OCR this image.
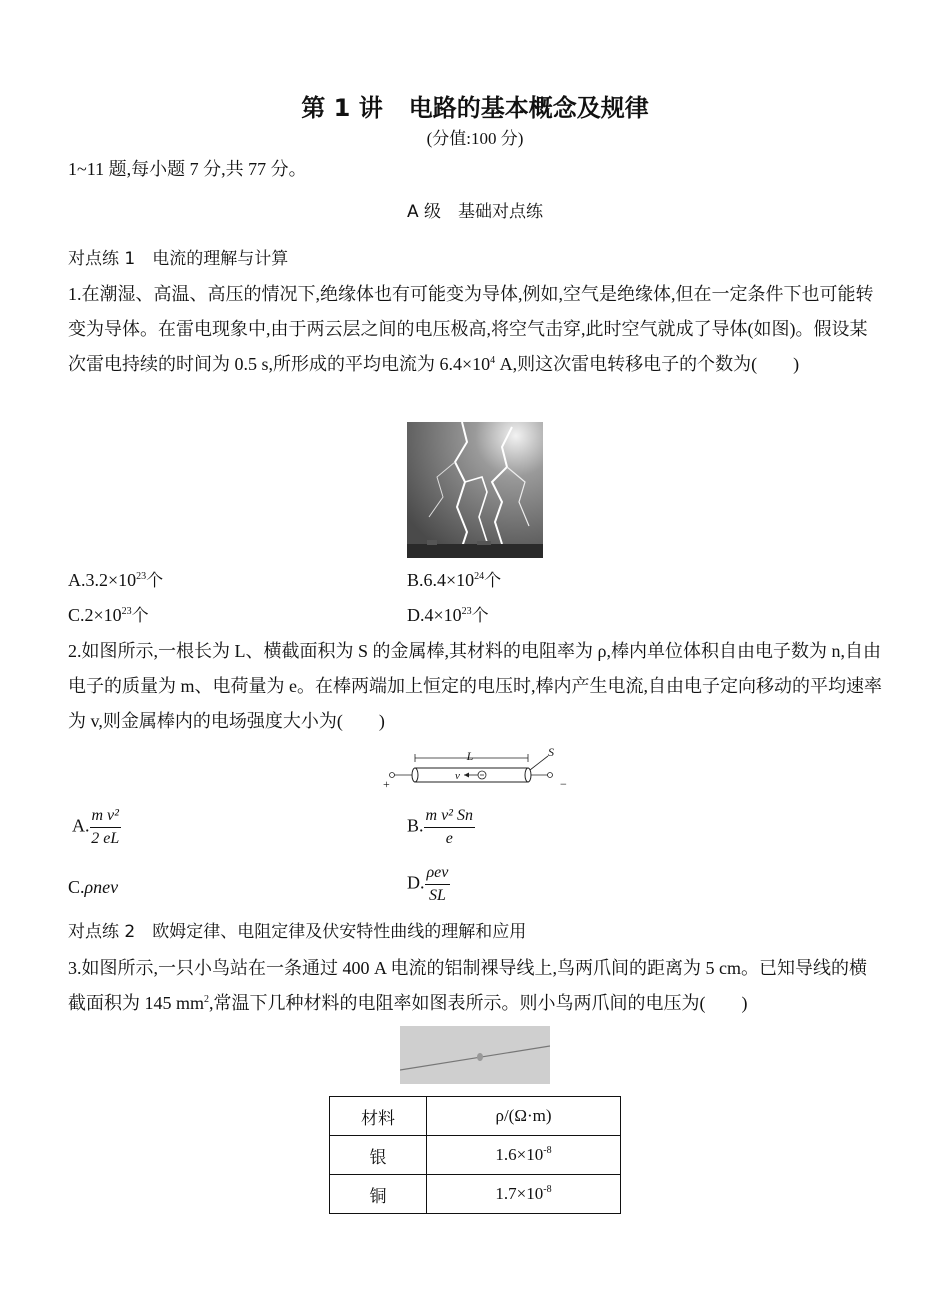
第 1 讲 电路的基本概念及规律
(分值:100 分)
1~11 题,每小题 7 分,共 77 分。
A 级　基础对点练
对点练 1　电流的理解与计算
1.在潮湿、高温、高压的情况下,绝缘体也有可能变为导体,例如,空气是绝缘体,但在一定条件下也可能转变为导体。在雷电现象中,由于两云层之间的电压极高,将空气击穿,此时空气就成了导体(如图)。假设某次雷电持续的时间为 0.5 s,所形成的平均电流为 $6.4\times 10^4$ A,则这次雷电转移电子的个数为(　　)
$A.3.2\times 10^{23}$个	$B.6.4\times 10^{24}$个
$C.2\times 10^{23}$个	$D.4\times 10^{23}$个
2.如图所示,一根长为 L、横截面积为 S 的金属棒,其材料的电阻率为 ρ,棒内单位体积自由电子数为 n,自由电子的质量为 m、电荷量为 e。在棒两端加上恒定的电压时,棒内产生电流,自由电子定向移动的平均速率为 v,则金属棒内的电场强度大小为(　　)
L
v
S
+	−
A. $\frac{\text{m v²}}{2 eL}$	B. $\frac{\text{m v² Sn}}{e}$
C.ρnev	D. $\frac{\text{ρev}}{SL}$
对点练 2　欧姆定律、电阻定律及伏安特性曲线的理解和应用
3.如图所示,一只小鸟站在一条通过 400 A 电流的铝制裸导线上,鸟两爪间的距离为 5 cm。已知导线的横截面积为 145 $mm^2$,常温下几种材料的电阻率如图表所示。则小鸟两爪间的电压为(　　)
材料	ρ/(Ω·m)
银	$1.6\times 10^{-8}$
铜	$1.7\times 10^{-8}$
